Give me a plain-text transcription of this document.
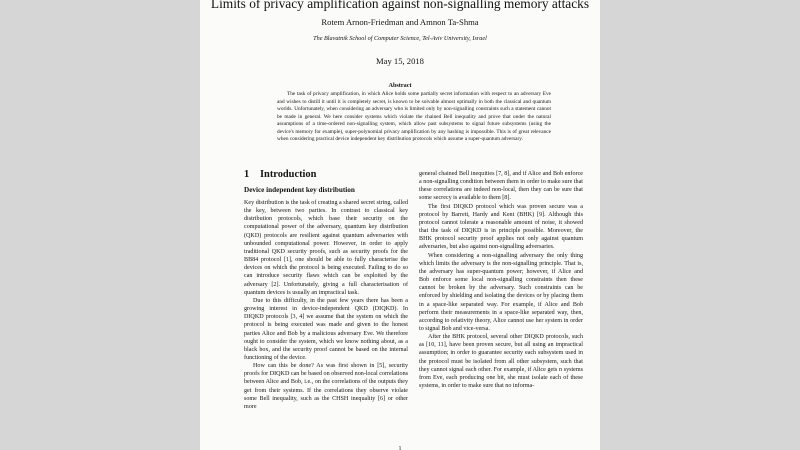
Limits of privacy amplification against non-signalling memory attacks
Rotem Arnon-Friedman and Amnon Ta-Shma
The Blavatnik School of Computer Science, Tel-Aviv University, Israel
May 15, 2018
Abstract

The task of privacy amplification, in which Alice holds some partially secret information with respect to an adversary Eve and wishes to distill it until it is completely secret, is known to be solvable almost optimally in both the classical and quantum worlds. Unfortunately, when considering an adversary who is limited only by non-signalling constraints such a statement cannot be made in general. We here consider systems which violate the chained Bell inequality and prove that under the natural assumptions of a time-ordered non-signalling system, which allow past subsystems to signal future subsystems (using the device's memory for example), super-polynomial privacy amplification by any hashing is impossible. This is of great relevance when considering practical device independent key distribution protocols which assume a super-quantum adversary.

1 Introduction
Device independent key distribution

Key distribution is the task of creating a shared secret string, called the key, between two parties. In contrast to classical key distribution protocols, which base their security on the computational power of the adversary, quantum key distribution (QKD) protocols are resilient against quantum adversaries with unbounded computational power. However, in order to apply traditional QKD security proofs, such as security proofs for the BB84 protocol [1], one should be able to fully characterise the devices on which the protocol is being executed. Failing to do so can introduce security flaws which can be exploited by the adversary [2]. Unfortunately, giving a full characterisation of quantum devices is usually an impractical task.

Due to this difficulty, in the past few years there has been a growing interest in device-independent QKD (DIQKD). In DIQKD protocols [3, 4] we assume that the system on which the protocol is being executed was made and given to the honest parties Alice and Bob by a malicious adversary Eve. We therefore ought to consider the system, which we know nothing about, as a black box, and the security proof cannot be based on the internal functioning of the device.

How can this be done? As was first shown in [5], security proofs for DIQKD can be based on observed non-local correlations between Alice and Bob, i.e., on the correlations of the outputs they get from their systems. If the correlations they observe violate some Bell inequality, such as the CHSH inequality [6] or other more

general chained Bell inequities [7, 8], and if Alice and Bob enforce a non-signalling condition between them in order to make sure that these correlations are indeed non-local, then they can be sure that some secrecy is available to them [8].

The first DIQKD protocol which was proven secure was a protocol by Barrett, Hardy and Kent (BHK) [9]. Although this protocol cannot tolerate a reasonable amount of noise, it showed that the task of DIQKD is in principle possible. Moreover, the BHK protocol security proof applies not only against quantum adversaries, but also against non-signalling adversaries.

When considering a non-signalling adversary the only thing which limits the adversary is the non-signalling principle. That is, the adversary has super-quantum power; however, if Alice and Bob enforce some local non-signalling constraints then these cannot be broken by the adversary. Such constraints can be enforced by shielding and isolating the devices or by placing them in a space-like separated way. For example, if Alice and Bob perform their measurements in a space-like separated way, then, according to relativity theory, Alice cannot use her system in order to signal Bob and vice-versa.

After the BHK protocol, several other DIQKD protocols, such as [10, 11], have been proven secure, but all using an impractical assumption; in order to guarantee security each subsystem used in the protocol must be isolated from all other subsystem, such that they cannot signal each other. For example, if Alice gets n systems from Eve, each producing one bit, she must isolate each of these systems, in order to make sure that no informa-

1
